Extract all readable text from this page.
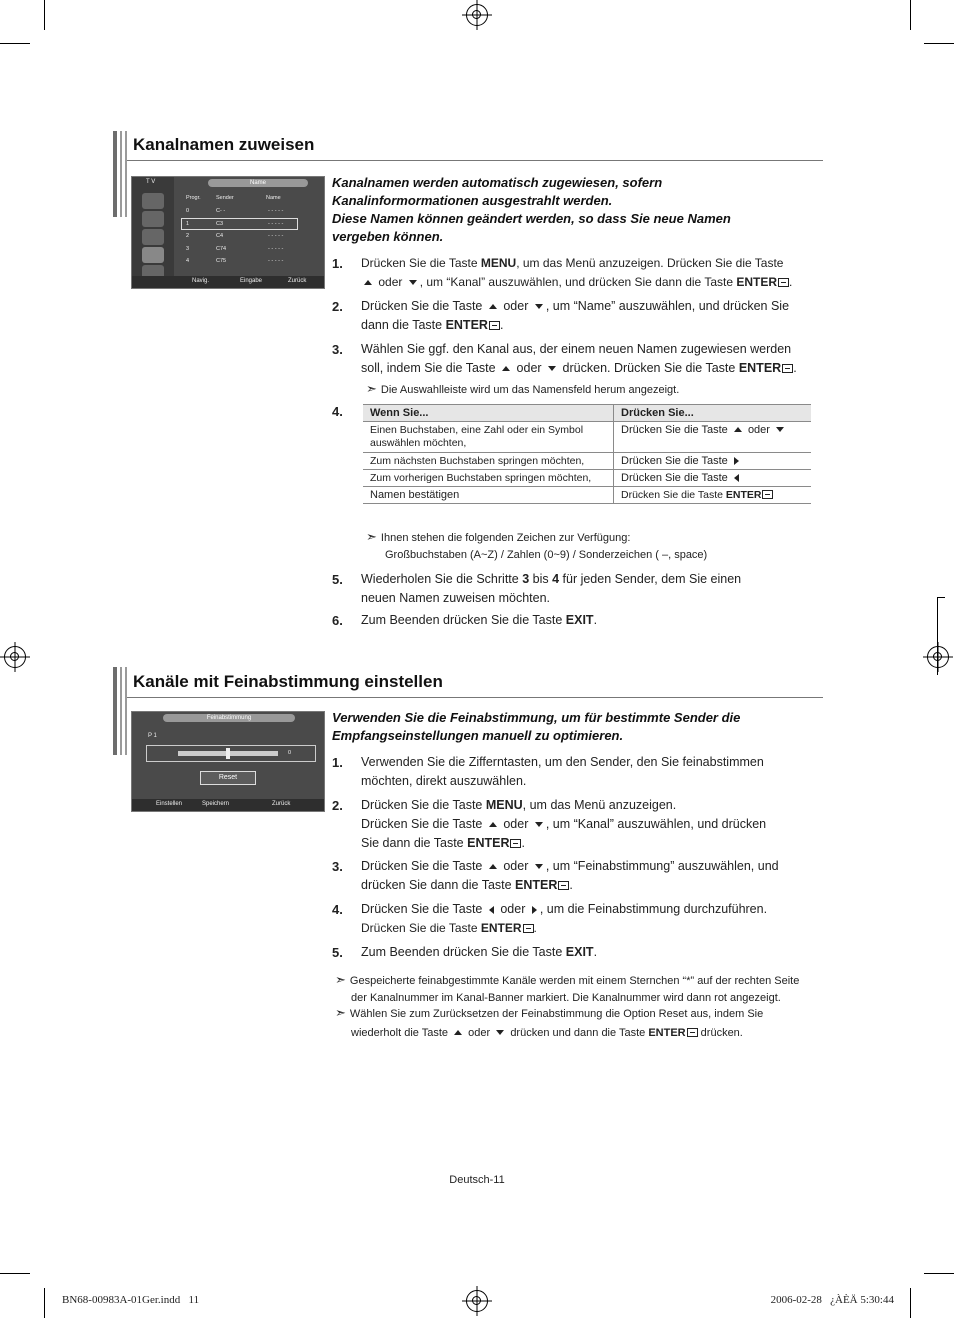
Kanalnamen zuweisen
T V	Name
Progr.	Sender	Name
0	C- -	- - - - -
1	C3	- - - - -
2	C4	- - - - -
3	C74	- - - - -
4	C75	- - - - -
Navig.	Eingabe	Zurück
Kanalnamen werden automatisch zugewiesen, sofern
Kanalinformormationen ausgestrahlt werden.
Diese Namen können geändert werden, so dass Sie neue Namen
vergeben können.
1. Drücken Sie die Taste MENU, um das Menü anzuzeigen. Drücken Sie die Taste
oder , um “Kanal” auszuwählen, und drücken Sie dann die Taste ENTER .
2. Drücken Sie die Taste oder , um “Name” auszuwählen, und drücken Sie
dann die Taste ENTER .
3. Wählen Sie ggf. den Kanal aus, der einem neuen Namen zugewiesen werden
soll, indem Sie die Taste oder drücken. Drücken Sie die Taste ENTER .
➣ Die Auswahlleiste wird um das Namensfeld herum angezeigt.
4. Wenn Sie...	Drücken Sie...

Einen Buchstaben, eine Zahl oder ein Symbol
auswählen möchten,	Drücken Sie die Taste oder
Zum nächsten Buchstaben springen möchten,	Drücken Sie die Taste
Zum vorherigen Buchstaben springen möchten,	Drücken Sie die Taste
Namen bestätigen	Drücken Sie die Taste ENTER
➣ Ihnen stehen die folgenden Zeichen zur Verfügung:
Großbuchstaben (A~Z) / Zahlen (0~9) / Sonderzeichen ( –, space)
5. Wiederholen Sie die Schritte 3 bis 4 für jeden Sender, dem Sie einen
neuen Namen zuweisen möchten.
6. Zum Beenden drücken Sie die Taste EXIT.
Kanäle mit Feinabstimmung einstellen
Feinabstimmung
P 1
0
Reset
Einstellen	Speichern	Zurück
Verwenden Sie die Feinabstimmung, um für bestimmte Sender die
Empfangseinstellungen manuell zu optimieren.
1. Verwenden Sie die Zifferntasten, um den Sender, den Sie feinabstimmen
möchten, direkt auszuwählen.
2. Drücken Sie die Taste MENU, um das Menü anzuzeigen.
Drücken Sie die Taste oder , um “Kanal” auszuwählen, und drücken
Sie dann die Taste ENTER .
3. Drücken Sie die Taste oder , um “Feinabstimmung” auszuwählen, und
drücken Sie dann die Taste ENTER .
4. Drücken Sie die Taste oder , um die Feinabstimmung durchzuführen.
Drücken Sie die Taste ENTER .
5. Zum Beenden drücken Sie die Taste EXIT.
➣ Gespeicherte feinabgestimmte Kanäle werden mit einem Sternchen “*” auf der rechten Seite
der Kanalnummer im Kanal-Banner markiert. Die Kanalnummer wird dann rot angezeigt.
➣ Wählen Sie zum Zurücksetzen der Feinabstimmung die Option Reset aus, indem Sie
wiederholt die Taste oder drücken und dann die Taste ENTER drücken.
Deutsch-11
BN68-00983A-01Ger.indd   11	2006-02-28   ¿ÀÈÄ 5:30:44
